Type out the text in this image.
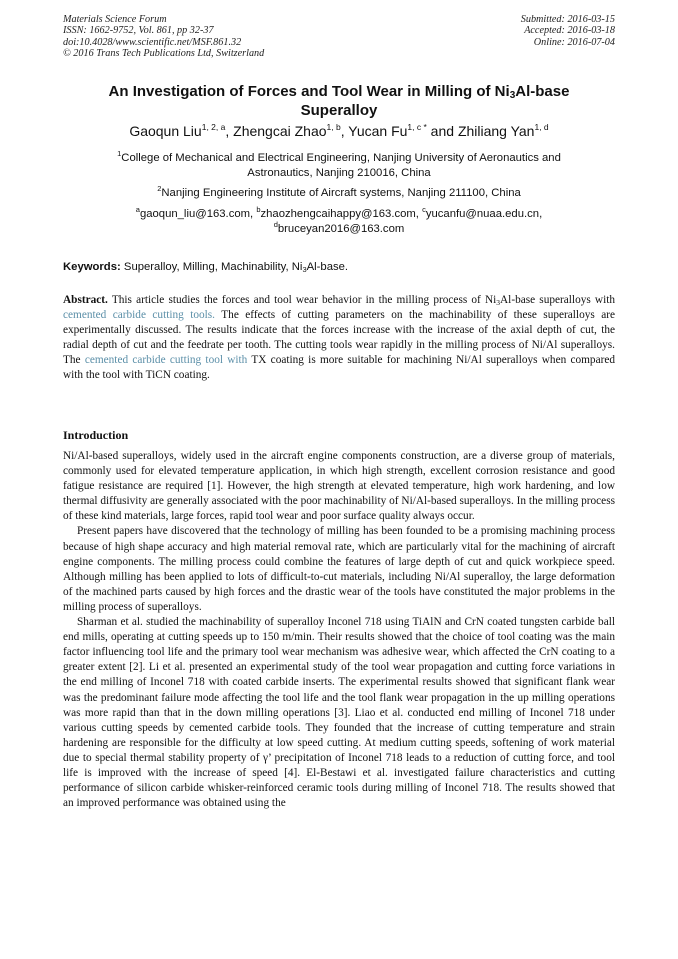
Materials Science Forum
ISSN: 1662-9752, Vol. 861, pp 32-37
doi:10.4028/www.scientific.net/MSF.861.32
© 2016 Trans Tech Publications Ltd, Switzerland
Submitted: 2016-03-15
Accepted: 2016-03-18
Online: 2016-07-04
An Investigation of Forces and Tool Wear in Milling of $Ni_3Al$-base
Superalloy
Gaoqun Liu$^{1, 2, a}$, Zhengcai Zhao$^{1, b}$, Yucan $Fu^{1, c *}$ and Zhiliang Yan$^{1, d}$
$^1$College of Mechanical and Electrical Engineering, Nanjing University of Aeronautics and
Astronautics, Nanjing 210016, China
$^2$Nanjing Engineering Institute of Aircraft systems, Nanjing 211100, China
$^a$gaoqun_liu@163.com, $^b$zhaozhengcaihappy@163.com, $^c$yucanfu@nuaa.edu.cn,
$^d$bruceyan2016@163.com
Keywords: Superalloy, Milling, Machinability, $Ni_3Al$-base.
Abstract. This article studies the forces and tool wear behavior in the milling process of $Ni_3Al$-base superalloys with cemented carbide cutting tools. The effects of cutting parameters on the machinability of these superalloys are experimentally discussed. The results indicate that the forces increase with the increase of the axial depth of cut, the radial depth of cut and the feedrate per tooth. The cutting tools wear rapidly in the milling process of Ni/Al superalloys. The cemented carbide cutting tool with TX coating is more suitable for machining Ni/Al superalloys when compared with the tool with TiCN coating.
Introduction

Ni/Al-based superalloys, widely used in the aircraft engine components construction, are a diverse group of materials, commonly used for elevated temperature application, in which high strength, excellent corrosion resistance and good fatigue resistance are required [1]. However, the high strength at elevated temperature, high work hardening, and low thermal diffusivity are generally associated with the poor machinability of Ni/Al-based superalloys. In the milling process of these kind materials, large forces, rapid tool wear and poor surface quality always occur.

Present papers have discovered that the technology of milling has been founded to be a promising machining process because of high shape accuracy and high material removal rate, which are particularly vital for the machining of aircraft engine components. The milling process could combine the features of large depth of cut and quick workpiece speed. Although milling has been applied to lots of difficult-to-cut materials, including Ni/Al superalloy, the large deformation of the machined parts caused by high forces and the drastic wear of the tools have constituted the major problems in the milling process of superalloys.

Sharman et al. studied the machinability of superalloy Inconel 718 using TiAlN and CrN coated tungsten carbide ball end mills, operating at cutting speeds up to 150 m/min. Their results showed that the choice of tool coating was the main factor influencing tool life and the primary tool wear mechanism was adhesive wear, which affected the CrN coating to a greater extent [2]. Li et al. presented an experimental study of the tool wear propagation and cutting force variations in the end milling of Inconel 718 with coated carbide inserts. The experimental results showed that significant flank wear was the predominant failure mode affecting the tool life and the tool flank wear propagation in the up milling operations was more rapid than that in the down milling operations [3]. Liao et al. conducted end milling of Inconel 718 under various cutting speeds by cemented carbide tools. They founded that the increase of cutting temperature and strain hardening are responsible for the difficulty at low speed cutting. At medium cutting speeds, softening of work material due to special thermal stability property of γ’ precipitation of Inconel 718 leads to a reduction of cutting force, and tool life is improved with the increase of speed [4]. El-Bestawi et al. investigated failure characteristics and cutting performance of silicon carbide whisker-reinforced ceramic tools during milling of Inconel 718. The results showed that an improved performance was obtained using the
